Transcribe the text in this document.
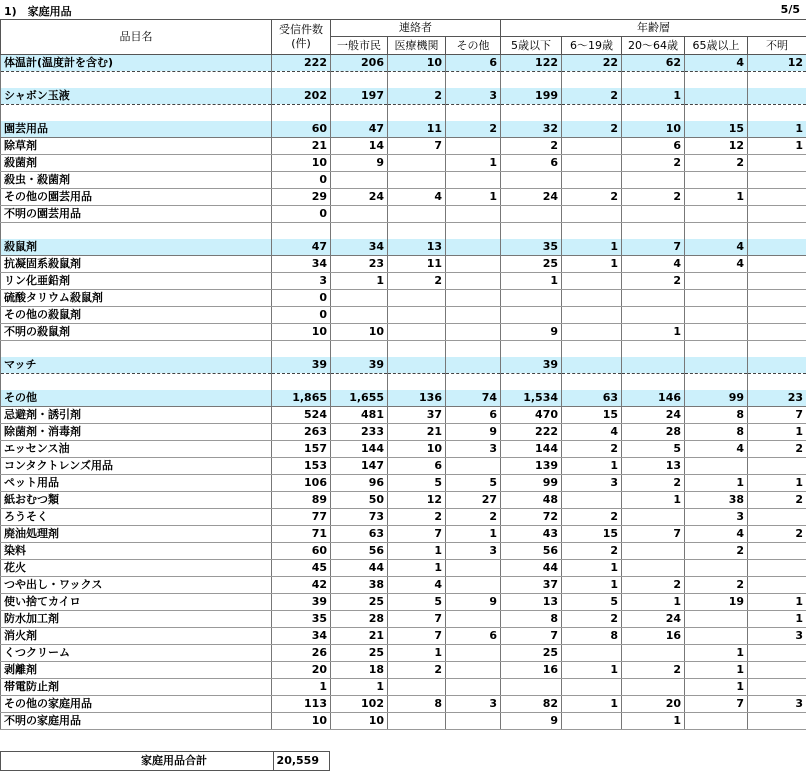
1)　家庭用品	5/5
品目名	受信件数
(件)	連絡者			年齢層				
		一般市民	医療機関	その他	5歳以下	6～19歳	20～64歳	65歳以上	不明
体温計(温度計を含む)	222	206	10	6	122	22	62	4	12

シャボン玉液	202	197	2	3	199	2	1		

園芸用品	60	47	11	2	32	2	10	15	1
除草剤	21	14	7		2		6	12	1
殺菌剤	10	9		1	6		2	2	
殺虫・殺菌剤	0								
その他の園芸用品	29	24	4	1	24	2	2	1	
不明の園芸用品	0								

殺鼠剤	47	34	13		35	1	7	4	
抗凝固系殺鼠剤	34	23	11		25	1	4	4	
リン化亜鉛剤	3	1	2		1		2		
硫酸タリウム殺鼠剤	0								
その他の殺鼠剤	0								
不明の殺鼠剤	10	10			9		1		

マッチ	39	39			39				

その他	1,865	1,655	136	74	1,534	63	146	99	23
忌避剤・誘引剤	524	481	37	6	470	15	24	8	7
除菌剤・消毒剤	263	233	21	9	222	4	28	8	1
エッセンス油	157	144	10	3	144	2	5	4	2
コンタクトレンズ用品	153	147	6		139	1	13		
ペット用品	106	96	5	5	99	3	2	1	1
紙おむつ類	89	50	12	27	48		1	38	2
ろうそく	77	73	2	2	72	2		3	
廃油処理剤	71	63	7	1	43	15	7	4	2
染料	60	56	1	3	56	2		2	
花火	45	44	1		44	1			
つや出し・ワックス	42	38	4		37	1	2	2	
使い捨てカイロ	39	25	5	9	13	5	1	19	1
防水加工剤	35	28	7		8	2	24		1
消火剤	34	21	7	6	7	8	16		3
くつクリーム	26	25	1		25			1	
剥離剤	20	18	2		16	1	2	1	
帯電防止剤	1	1						1	
その他の家庭用品	113	102	8	3	82	1	20	7	3
不明の家庭用品	10	10			9		1		
家庭用品合計	20,559
